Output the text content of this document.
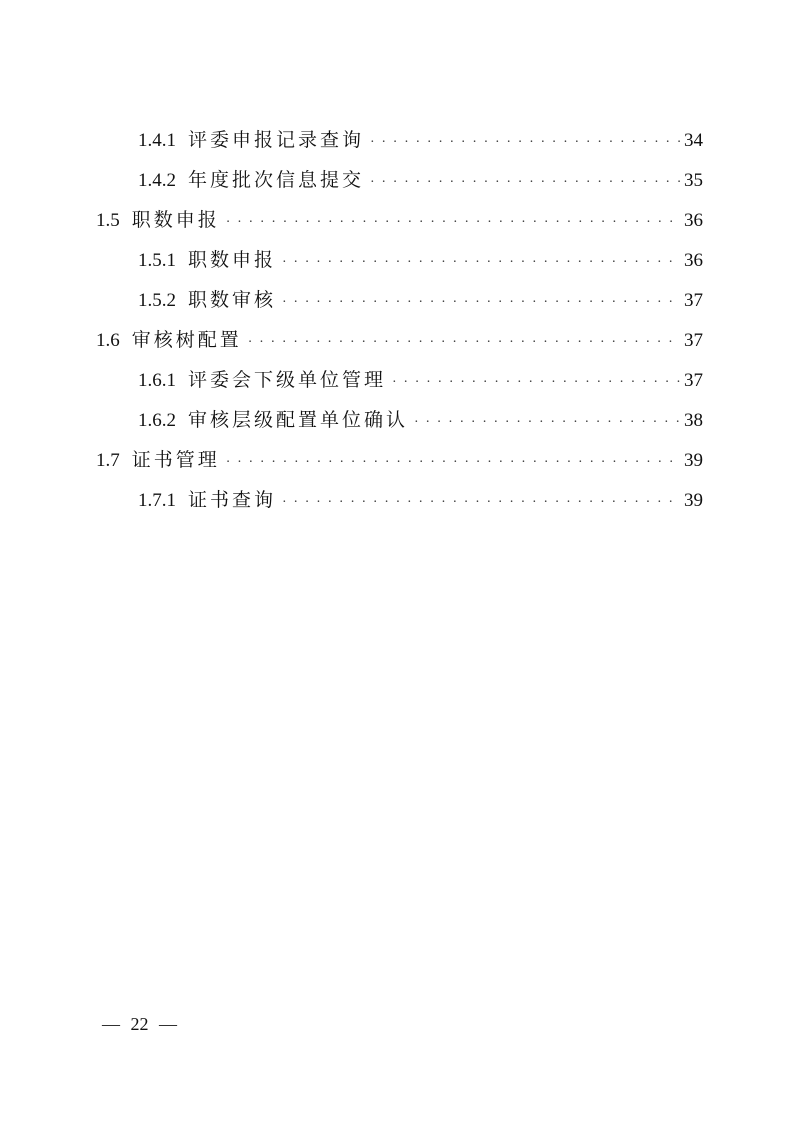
1.4.1 评委申报记录查询 · · ·	34
1.4.2 年度批次信息提交 · · ·	35
1.5 职数申报 · · ·	36
1.5.1 职数申报 · · ·	36
1.5.2 职数审核 · · ·	37
1.6 审核树配置 · · ·	37
1.6.1 评委会下级单位管理 · · ·	37
1.6.2 审核层级配置单位确认 · · ·	38
1.7 证书管理 · · ·	39
1.7.1 证书查询 · · ·	39
— 22 —
